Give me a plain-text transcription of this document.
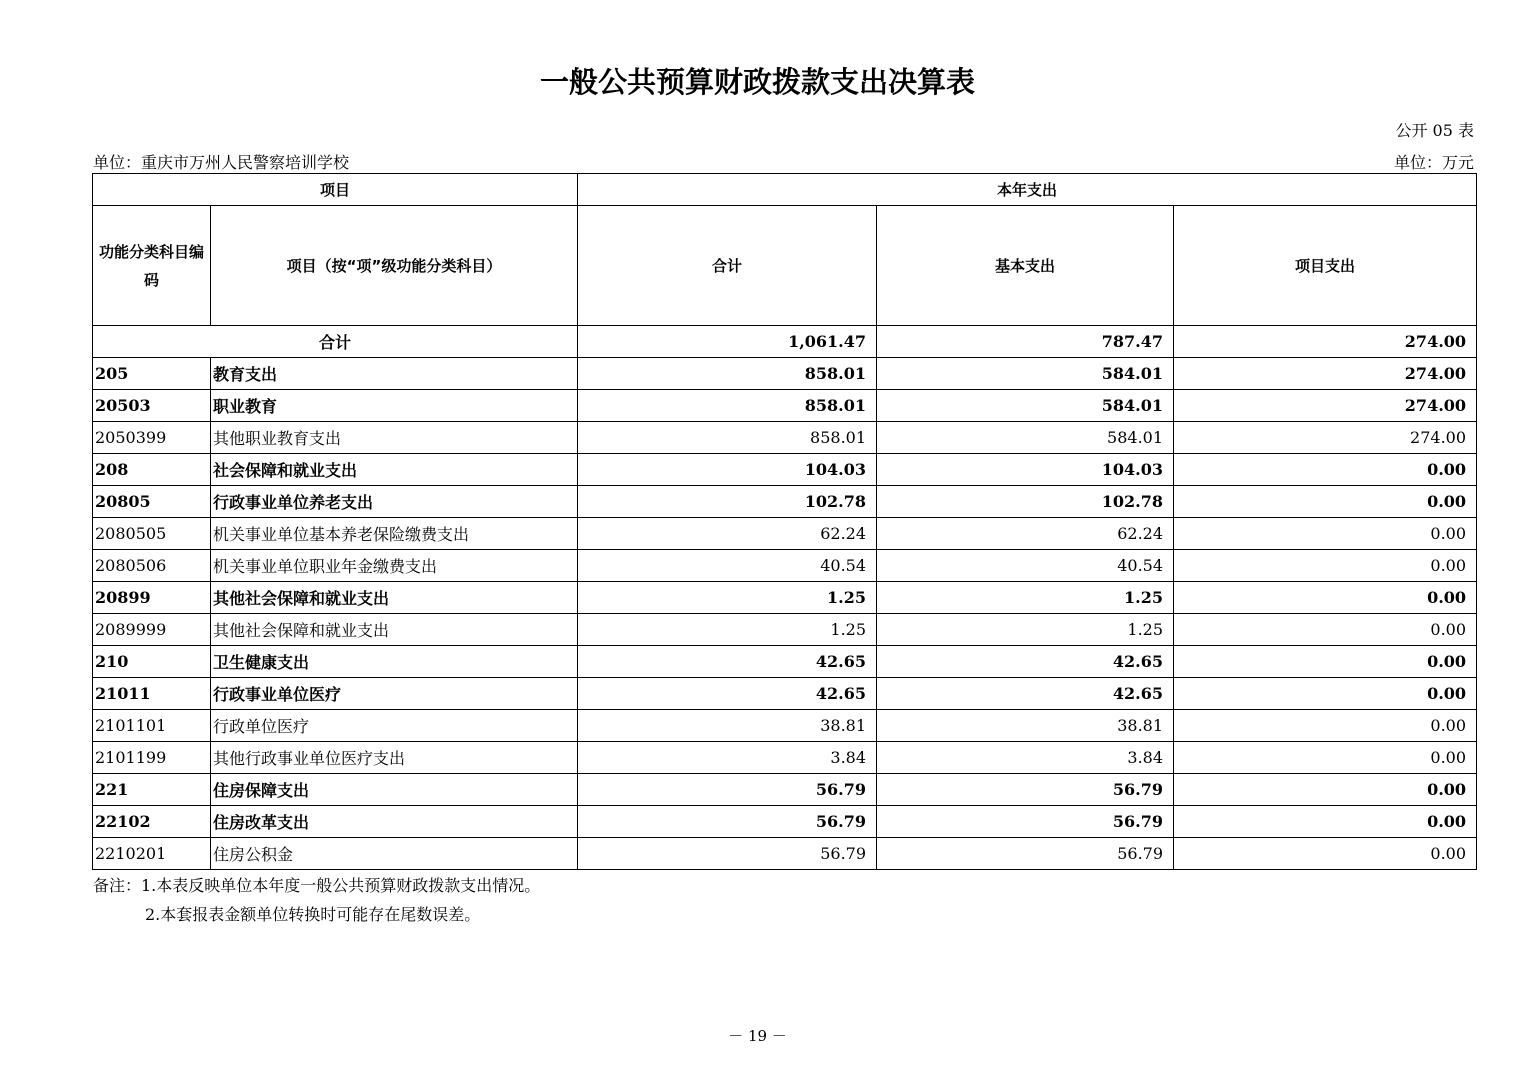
一般公共预算财政拨款支出决算表
公开 05 表
单位：重庆市万州人民警察培训学校	单位：万元
项目		本年支出		
功能分类科目编码	项目（按“项”级功能分类科目）	合计	基本支出	项目支出
合计		1,061.47	787.47	274.00
205	教育支出	858.01	584.01	274.00
20503	职业教育	858.01	584.01	274.00
2050399	其他职业教育支出	858.01	584.01	274.00
208	社会保障和就业支出	104.03	104.03	0.00
20805	行政事业单位养老支出	102.78	102.78	0.00
2080505	机关事业单位基本养老保险缴费支出	62.24	62.24	0.00
2080506	机关事业单位职业年金缴费支出	40.54	40.54	0.00
20899	其他社会保障和就业支出	1.25	1.25	0.00
2089999	其他社会保障和就业支出	1.25	1.25	0.00
210	卫生健康支出	42.65	42.65	0.00
21011	行政事业单位医疗	42.65	42.65	0.00
2101101	行政单位医疗	38.81	38.81	0.00
2101199	其他行政事业单位医疗支出	3.84	3.84	0.00
221	住房保障支出	56.79	56.79	0.00
22102	住房改革支出	56.79	56.79	0.00
2210201	住房公积金	56.79	56.79	0.00
备注：1.本表反映单位本年度一般公共预算财政拨款支出情况。
2.本套报表金额单位转换时可能存在尾数误差。
－ 19 －
